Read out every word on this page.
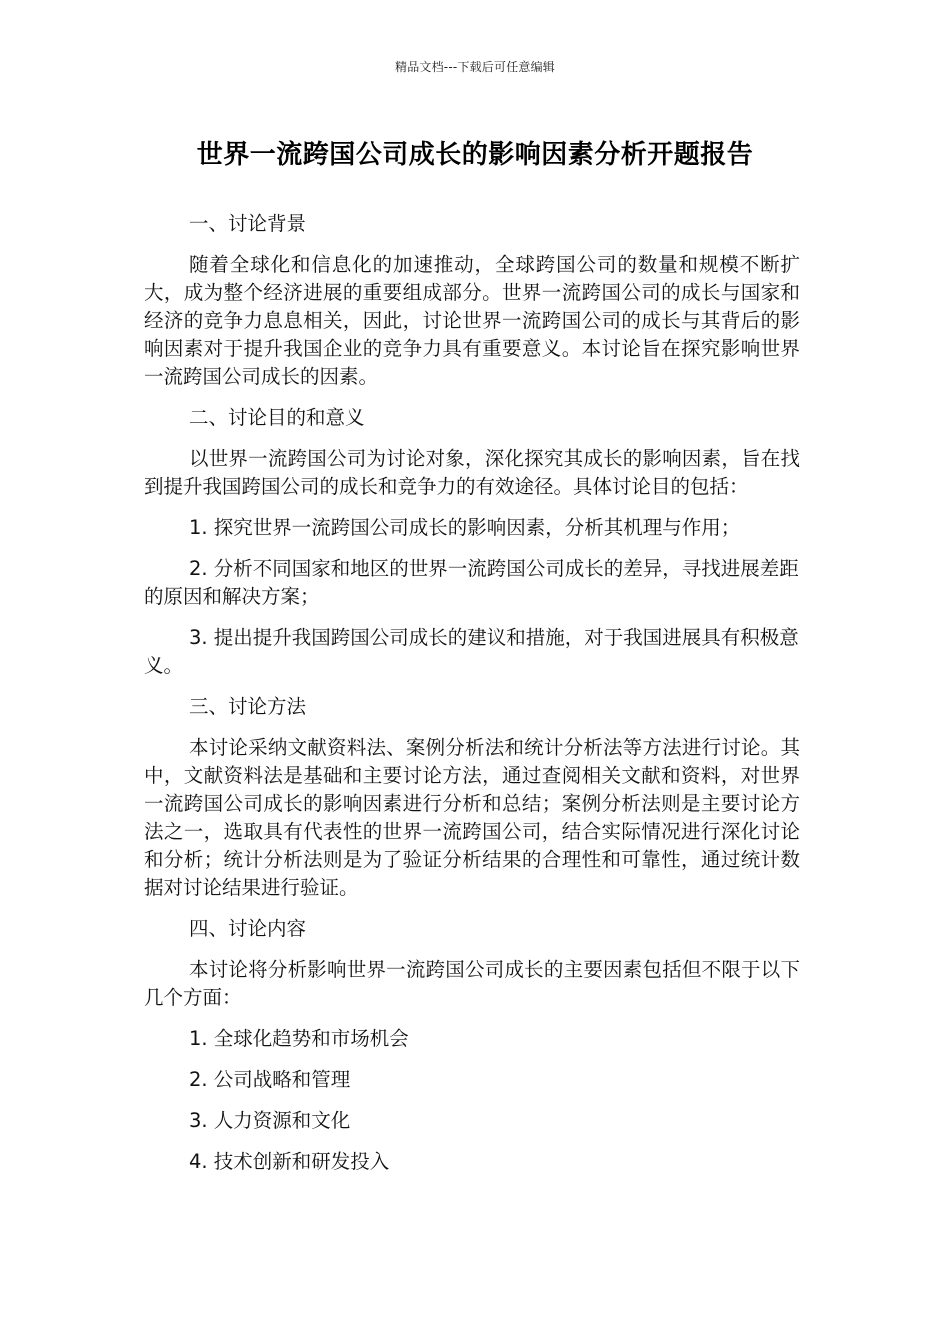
精品文档---下载后可任意编辑
世界一流跨国公司成长的影响因素分析开题报告

一、讨论背景

随着全球化和信息化的加速推动，全球跨国公司的数量和规模不断扩大，成为整个经济进展的重要组成部分。世界一流跨国公司的成长与国家和经济的竞争力息息相关，因此，讨论世界一流跨国公司的成长与其背后的影响因素对于提升我国企业的竞争力具有重要意义。本讨论旨在探究影响世界一流跨国公司成长的因素。

二、讨论目的和意义

以世界一流跨国公司为讨论对象，深化探究其成长的影响因素，旨在找到提升我国跨国公司的成长和竞争力的有效途径。具体讨论目的包括：

1. 探究世界一流跨国公司成长的影响因素，分析其机理与作用；

2. 分析不同国家和地区的世界一流跨国公司成长的差异，寻找进展差距的原因和解决方案；

3. 提出提升我国跨国公司成长的建议和措施，对于我国进展具有积极意义。

三、讨论方法

本讨论采纳文献资料法、案例分析法和统计分析法等方法进行讨论。其中，文献资料法是基础和主要讨论方法，通过查阅相关文献和资料，对世界一流跨国公司成长的影响因素进行分析和总结；案例分析法则是主要讨论方法之一，选取具有代表性的世界一流跨国公司，结合实际情况进行深化讨论和分析；统计分析法则是为了验证分析结果的合理性和可靠性，通过统计数据对讨论结果进行验证。

四、讨论内容

本讨论将分析影响世界一流跨国公司成长的主要因素包括但不限于以下几个方面：

1. 全球化趋势和市场机会

2. 公司战略和管理

3. 人力资源和文化

4. 技术创新和研发投入
